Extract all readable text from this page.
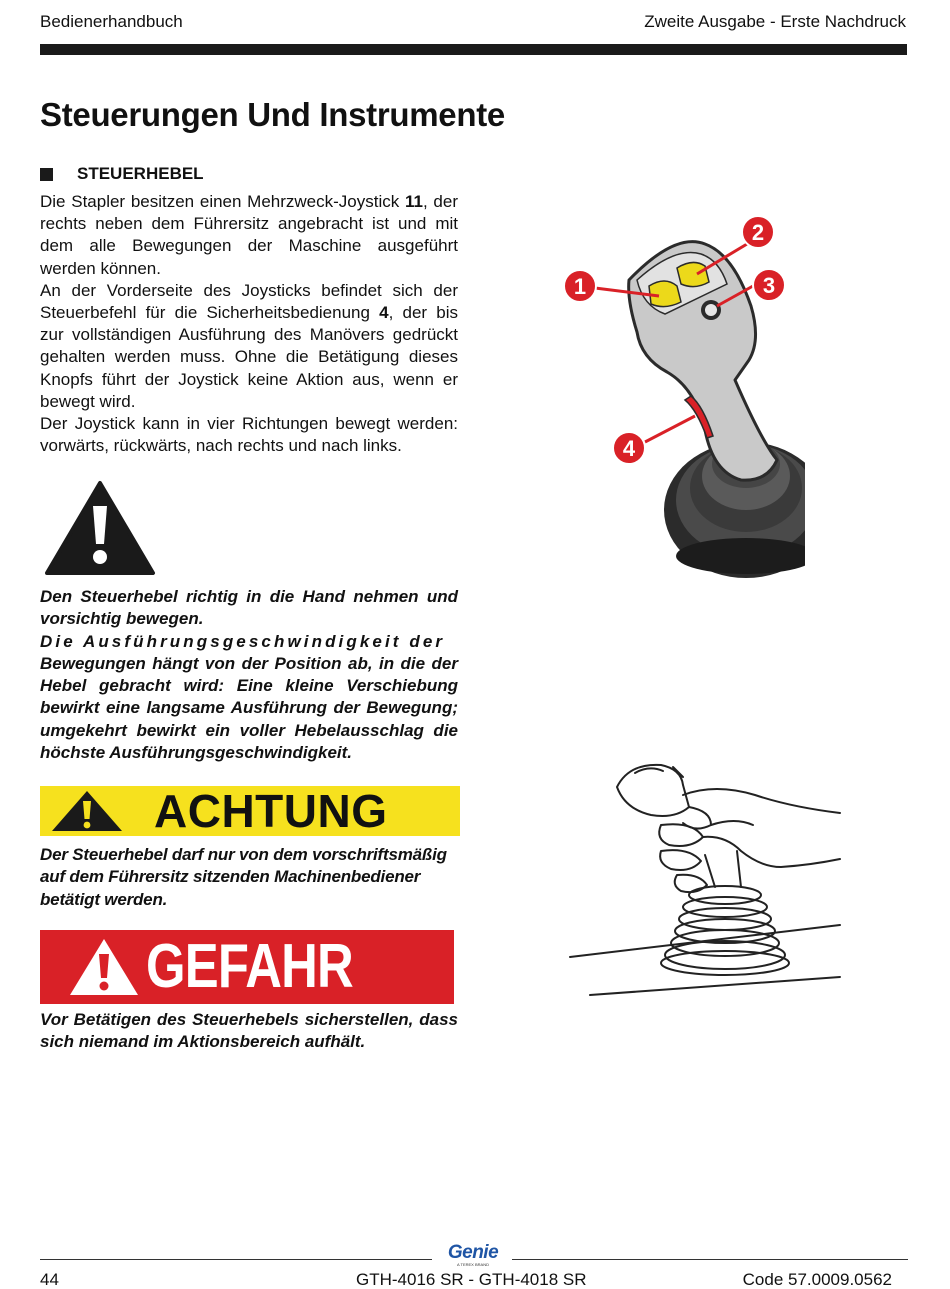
Bedienerhandbuch	Zweite Ausgabe - Erste Nachdruck
Steuerungen Und Instrumente
STEUERHEBEL

Die Stapler besitzen einen Mehrzweck-Joystick 11, der rechts neben dem Führersitz angebracht ist und mit dem alle Bewegungen der Maschine ausgeführt werden können.

An der Vorderseite des Joysticks befindet sich der Steuerbefehl für die Sicherheitsbedienung 4, der bis zur vollständigen Ausführung des Manövers gedrückt gehalten werden muss. Ohne die Betätigung dieses Knopfs führt der Joystick keine Aktion aus, wenn er bewegt wird.

Der Joystick kann in vier Richtungen bewegt werden: vorwärts, rückwärts, nach rechts und nach links.

Den Steuerhebel richtig in die Hand nehmen und vorsichtig bewegen.

Die Ausführungsgeschwindigkeit der

Bewegungen hängt von der Position ab, in die der Hebel gebracht wird: Eine kleine Verschiebung bewirkt eine langsame Ausführung der Bewegung; umgekehrt bewirkt ein voller Hebelausschlag die höchste Ausführungsgeschwindigkeit.

ACHTUNG
Der Steuerhebel darf nur von dem vorschriftsmäßig auf dem Führersitz sitzenden Machinenbediener betätigt werden.
GEFAHR

Vor Betätigen des Steuerhebels sicherstellen, dass sich niemand im Aktionsbereich aufhält.

1
2
3
4
Genie
A TEREX BRAND
44	GTH-4016 SR - GTH-4018 SR	Code 57.0009.0562
